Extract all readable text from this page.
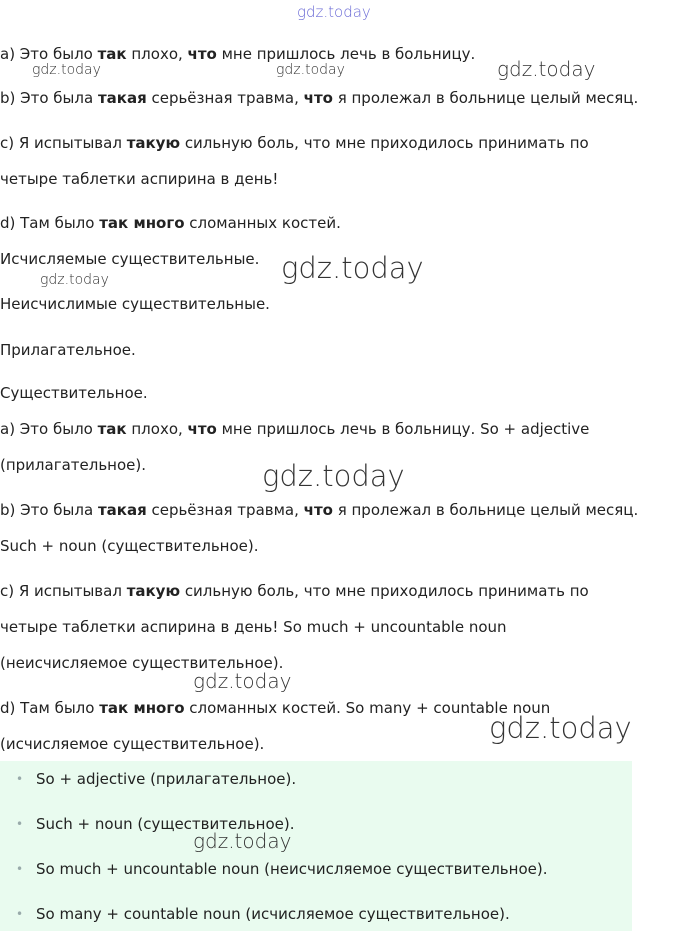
gdz.today
a) Это было так плохо, что мне пришлось лечь в больницу.
gdz.today	gdz.today	gdz.today
b) Это была такая серьёзная травма, что я пролежал в больнице целый месяц.
c) Я испытывал такую сильную боль, что мне приходилось принимать по
четыре таблетки аспирина в день!
d) Там было так много сломанных костей.
Исчисляемые существительные. gdz.today
gdz.today
Неисчислимые существительные.
Прилагательное.
Существительное.
a) Это было так плохо, что мне пришлось лечь в больницу. So + adjective
(прилагательное).	gdz.today
b) Это была такая серьёзная травма, что я пролежал в больнице целый месяц.
Such + noun (существительное).
c) Я испытывал такую сильную боль, что мне приходилось принимать по
четыре таблетки аспирина в день! So much + uncountable noun
(неисчисляемое существительное).
gdz.today
d) Там было так много сломанных костей. So many + countable noun
gdz.today
(исчисляемое существительное).
• So + adjective (прилагательное).
• Such + noun (существительное).
gdz.today
• So much + uncountable noun (неисчисляемое существительное).
• So many + countable noun (исчисляемое существительное).
